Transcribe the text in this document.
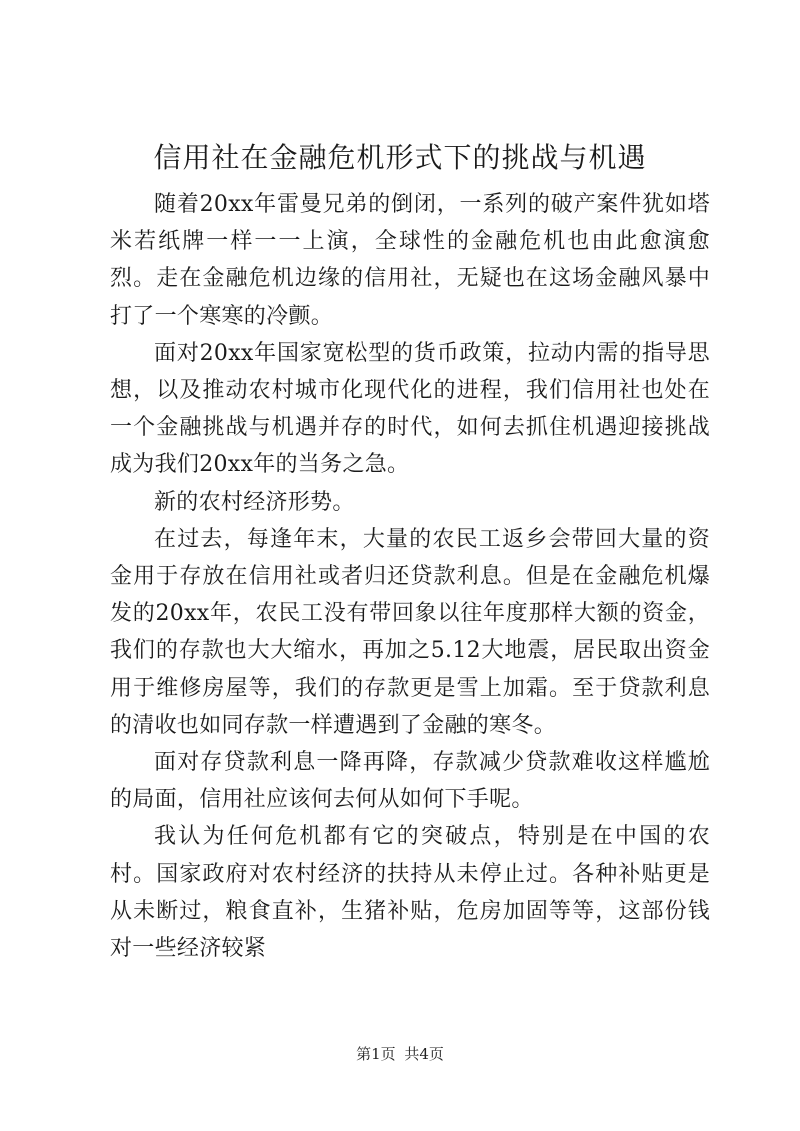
信用社在金融危机形式下的挑战与机遇

随着20xx年雷曼兄弟的倒闭，一系列的破产案件犹如塔米若纸牌一样一一上演，全球性的金融危机也由此愈演愈烈。走在金融危机边缘的信用社，无疑也在这场金融风暴中打了一个寒寒的冷颤。

面对20xx年国家宽松型的货币政策，拉动内需的指导思想，以及推动农村城市化现代化的进程，我们信用社也处在一个金融挑战与机遇并存的时代，如何去抓住机遇迎接挑战成为我们20xx年的当务之急。

新的农村经济形势。

在过去，每逢年末，大量的农民工返乡会带回大量的资金用于存放在信用社或者归还贷款利息。但是在金融危机爆发的20xx年，农民工没有带回象以往年度那样大额的资金，我们的存款也大大缩水，再加之5.12大地震，居民取出资金用于维修房屋等，我们的存款更是雪上加霜。至于贷款利息的清收也如同存款一样遭遇到了金融的寒冬。

面对存贷款利息一降再降，存款减少贷款难收这样尴尬的局面，信用社应该何去何从如何下手呢。

我认为任何危机都有它的突破点，特别是在中国的农村。国家政府对农村经济的扶持从未停止过。各种补贴更是从未断过，粮食直补，生猪补贴，危房加固等等，这部份钱对一些经济较紧

第1页 共4页
